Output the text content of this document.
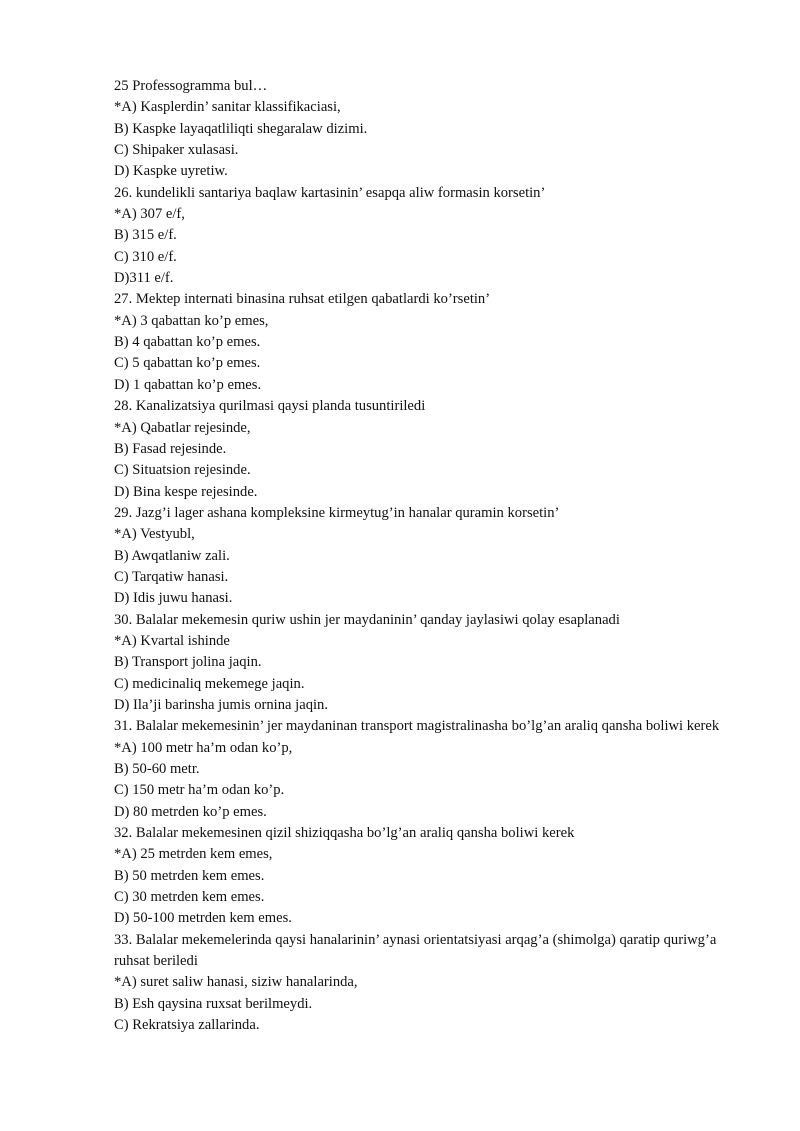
25 Professogramma bul…
*A) Kasplerdin’ sanitar klassifikaciasi,
B) Kaspke layaqatliliqti shegaralaw dizimi.
C) Shipaker xulasasi.
D) Kaspke uyretiw.
26. kundelikli santariya baqlaw kartasinin’ esapqa aliw formasin korsetin’
*A) 307 e/f,
B) 315 e/f.
C) 310 e/f.
D)311 e/f.
27. Mektep internati binasina ruhsat etilgen qabatlardi ko’rsetin’
*A) 3 qabattan ko’p emes,
B) 4 qabattan ko’p emes.
C) 5 qabattan ko’p emes.
D) 1 qabattan ko’p emes.
28. Kanalizatsiya qurilmasi qaysi planda tusuntiriledi
*A) Qabatlar rejesinde,
B) Fasad rejesinde.
C) Situatsion rejesinde.
D) Bina kespe rejesinde.
29. Jazg’i lager ashana kompleksine kirmeytug’in hanalar quramin korsetin’
*A) Vestyubl,
B) Awqatlaniw zali.
C) Tarqatiw hanasi.
D) Idis juwu hanasi.
30. Balalar mekemesin quriw ushin jer maydaninin’ qanday jaylasiwi qolay esaplanadi
*A) Kvartal ishinde
B) Transport jolina jaqin.
C) medicinaliq mekemege jaqin.
D) Ila’ji barinsha jumis ornina jaqin.
31. Balalar mekemesinin’ jer maydaninan transport magistralinasha bo’lg’an araliq qansha boliwi kerek
*A) 100 metr ha’m odan ko’p,
B) 50-60 metr.
C) 150 metr ha’m odan ko’p.
D) 80 metrden ko’p emes.
32. Balalar mekemesinen qizil shiziqqasha bo’lg’an araliq qansha boliwi kerek
*A) 25 metrden kem emes,
B) 50 metrden kem emes.
C) 30 metrden kem emes.
D) 50-100 metrden kem emes.
33. Balalar mekemelerinda qaysi hanalarinin’ aynasi orientatsiyasi arqag’a (shimolga) qaratip quriwg’a ruhsat beriledi
*A) suret saliw hanasi, siziw hanalarinda,
B) Esh qaysina ruxsat berilmeydi.
C) Rekratsiya zallarinda.
